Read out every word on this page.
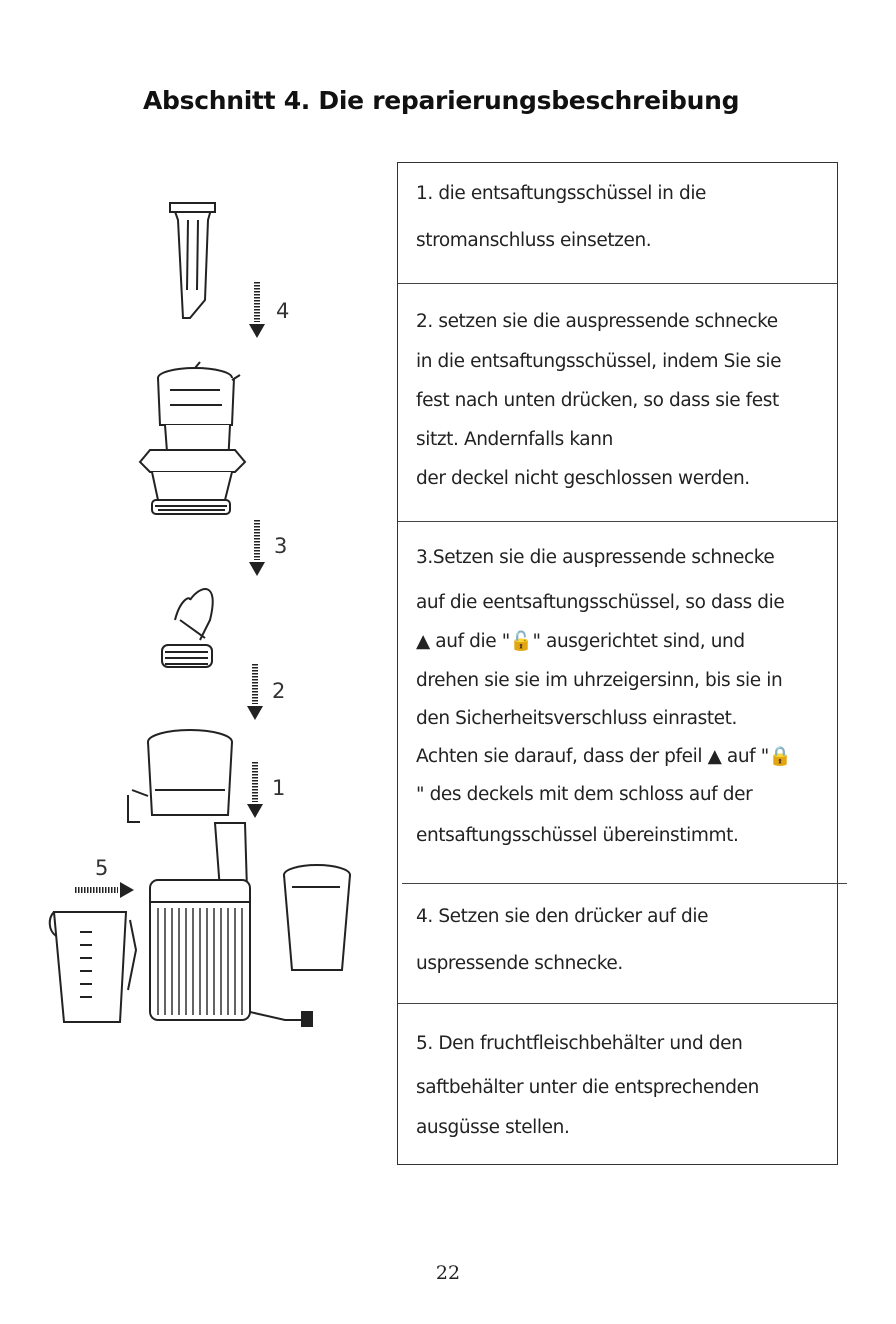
Abschnitt 4. Die reparierungsbeschreibung
4
3
2
1
5
1. die entsaftungsschüssel in die
stromanschluss einsetzen.
2. setzen sie die auspressende schnecke
in die entsaftungsschüssel, indem Sie sie
fest nach unten drücken, so dass sie fest
sitzt. Andernfalls kann
der deckel nicht geschlossen werden.
3.Setzen sie die auspressende schnecke
auf die eentsaftungsschüssel, so dass die
▲ auf die "🔓" ausgerichtet sind, und
drehen sie sie im uhrzeigersinn, bis sie in
den Sicherheitsverschluss einrastet.
Achten sie darauf, dass der pfeil ▲ auf "🔒
" des deckels mit dem schloss auf der
entsaftungsschüssel übereinstimmt.
4. Setzen sie den drücker auf die
uspressende schnecke.
5. Den fruchtfleischbehälter und den
saftbehälter unter die entsprechenden
ausgüsse stellen.
22
